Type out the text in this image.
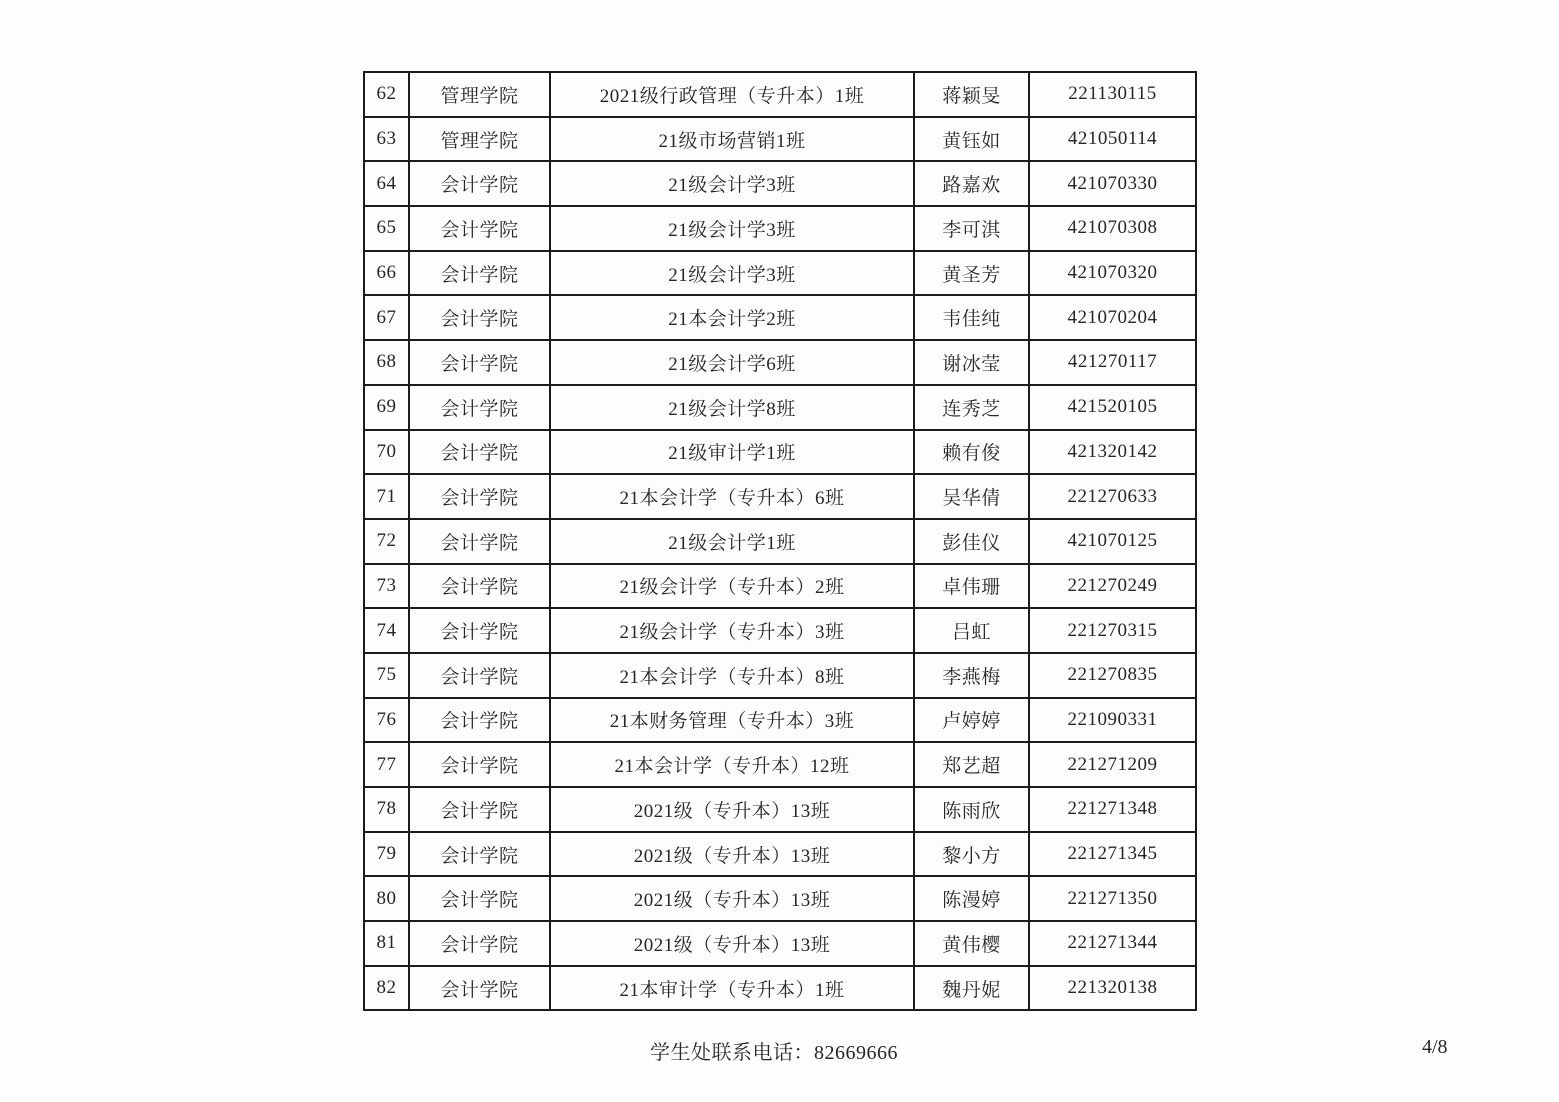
62	管理学院	2021级行政管理（专升本）1班	蒋颖旻	221130115
63	管理学院	21级市场营销1班	黄钰如	421050114
64	会计学院	21级会计学3班	路嘉欢	421070330
65	会计学院	21级会计学3班	李可淇	421070308
66	会计学院	21级会计学3班	黄圣芳	421070320
67	会计学院	21本会计学2班	韦佳纯	421070204
68	会计学院	21级会计学6班	谢冰莹	421270117
69	会计学院	21级会计学8班	连秀芝	421520105
70	会计学院	21级审计学1班	赖有俊	421320142
71	会计学院	21本会计学（专升本）6班	吴华倩	221270633
72	会计学院	21级会计学1班	彭佳仪	421070125
73	会计学院	21级会计学（专升本）2班	卓伟珊	221270249
74	会计学院	21级会计学（专升本）3班	吕虹	221270315
75	会计学院	21本会计学（专升本）8班	李燕梅	221270835
76	会计学院	21本财务管理（专升本）3班	卢婷婷	221090331
77	会计学院	21本会计学（专升本）12班	郑艺超	221271209
78	会计学院	2021级（专升本）13班	陈雨欣	221271348
79	会计学院	2021级（专升本）13班	黎小方	221271345
80	会计学院	2021级（专升本）13班	陈漫婷	221271350
81	会计学院	2021级（专升本）13班	黄伟樱	221271344
82	会计学院	21本审计学（专升本）1班	魏丹妮	221320138
学生处联系电话：82669666	4/8
